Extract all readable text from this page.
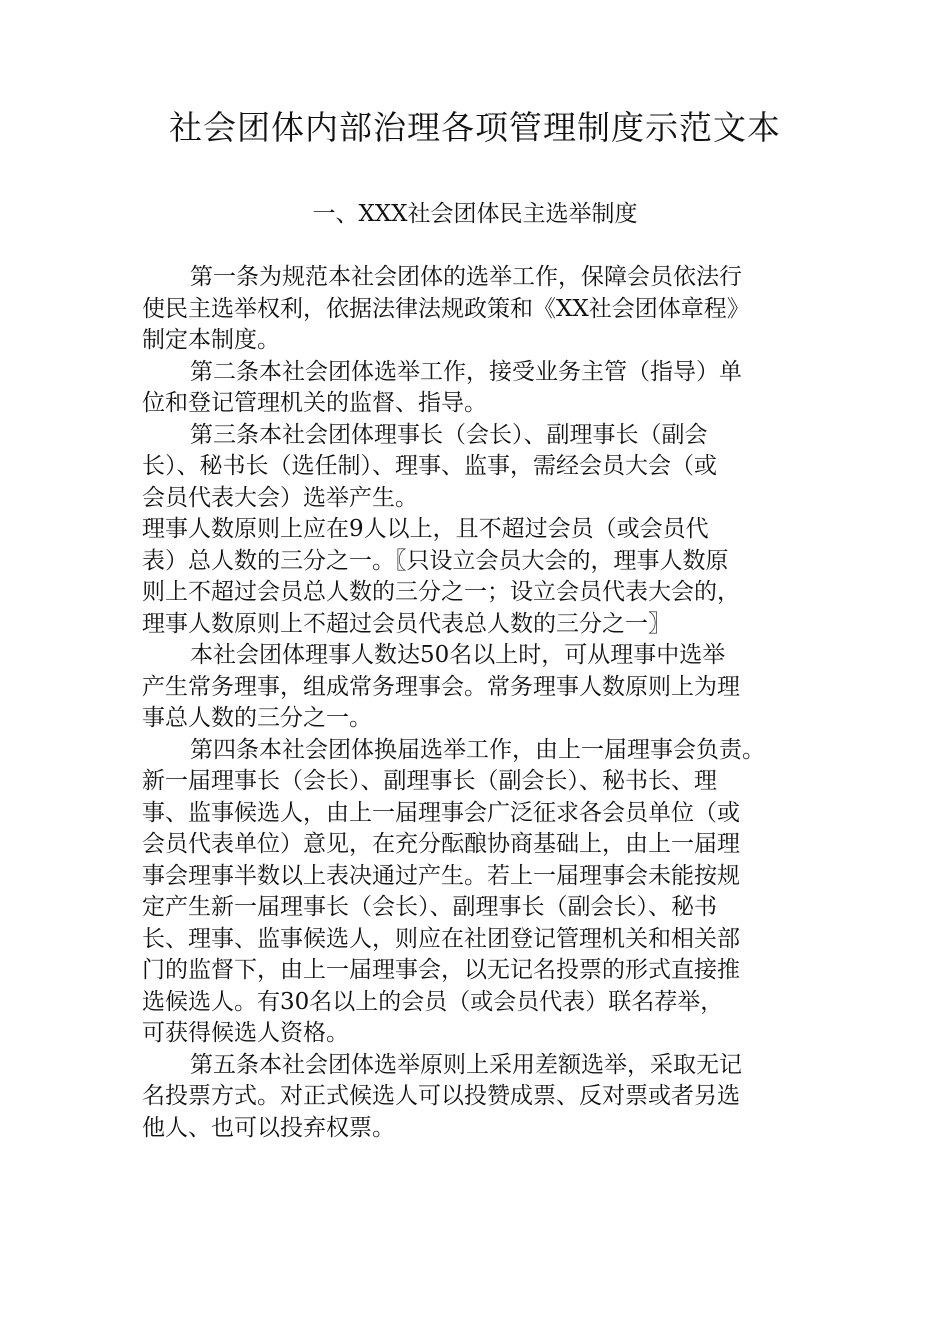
社会团体内部治理各项管理制度示范文本
一、XXX社会团体民主选举制度
第一条为规范本社会团体的选举工作，保障会员依法行
使民主选举权利，依据法律法规政策和《XX社会团体章程》
制定本制度。
第二条本社会团体选举工作，接受业务主管（指导）单
位和登记管理机关的监督、指导。
第三条本社会团体理事长（会长）、副理事长（副会
长）、秘书长（选任制）、理事、监事，需经会员大会（或
会员代表大会）选举产生。
理事人数原则上应在9人以上，且不超过会员（或会员代
表）总人数的三分之一。〖只设立会员大会的，理事人数原
则上不超过会员总人数的三分之一；设立会员代表大会的，
理事人数原则上不超过会员代表总人数的三分之一〗
本社会团体理事人数达50名以上时，可从理事中选举
产生常务理事，组成常务理事会。常务理事人数原则上为理
事总人数的三分之一。
第四条本社会团体换届选举工作，由上一届理事会负责。
新一届理事长（会长）、副理事长（副会长）、秘书长、理
事、监事候选人，由上一届理事会广泛征求各会员单位（或
会员代表单位）意见，在充分酝酿协商基础上，由上一届理
事会理事半数以上表决通过产生。若上一届理事会未能按规
定产生新一届理事长（会长）、副理事长（副会长）、秘书
长、理事、监事候选人，则应在社团登记管理机关和相关部
门的监督下，由上一届理事会，以无记名投票的形式直接推
选候选人。有30名以上的会员（或会员代表）联名荐举，
可获得候选人资格。
第五条本社会团体选举原则上采用差额选举，采取无记
名投票方式。对正式候选人可以投赞成票、反对票或者另选
他人、也可以投弃权票。
